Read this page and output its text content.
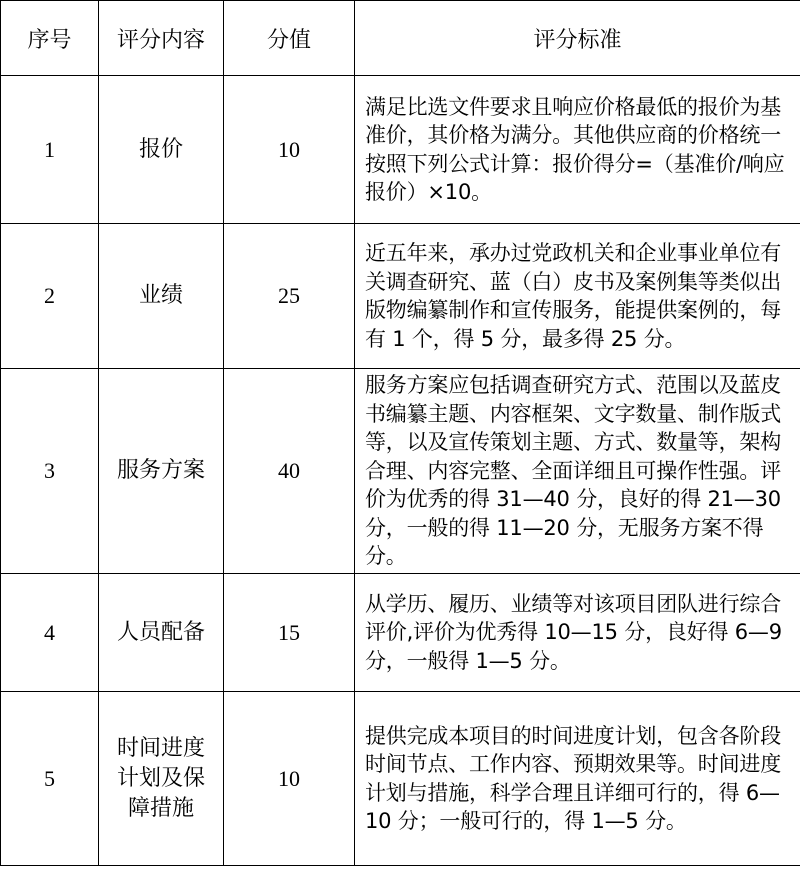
序号	评分内容	分值	评分标准
1	报价	10	满足比选文件要求且响应价格最低的报价为基准价，其价格为满分。其他供应商的价格统一按照下列公式计算：报价得分=（基准价/响应报价）×10。
2	业绩	25	近五年来，承办过党政机关和企业事业单位有关调查研究、蓝（白）皮书及案例集等类似出版物编纂制作和宣传服务，能提供案例的，每有 1 个，得 5 分，最多得 25 分。
3	服务方案	40	服务方案应包括调查研究方式、范围以及蓝皮书编纂主题、内容框架、文字数量、制作版式等，以及宣传策划主题、方式、数量等，架构合理、内容完整、全面详细且可操作性强。评价为优秀的得 31—40 分，良好的得 21—30 分，一般的得 11—20 分，无服务方案不得分。
4	人员配备	15	从学历、履历、业绩等对该项目团队进行综合评价,评价为优秀得 10—15 分，良好得 6—9 分，一般得 1—5 分。
5	时间进度计划及保障措施	10	提供完成本项目的时间进度计划，包含各阶段时间节点、工作内容、预期效果等。时间进度计划与措施，科学合理且详细可行的，得 6—10 分；一般可行的，得 1—5 分。
